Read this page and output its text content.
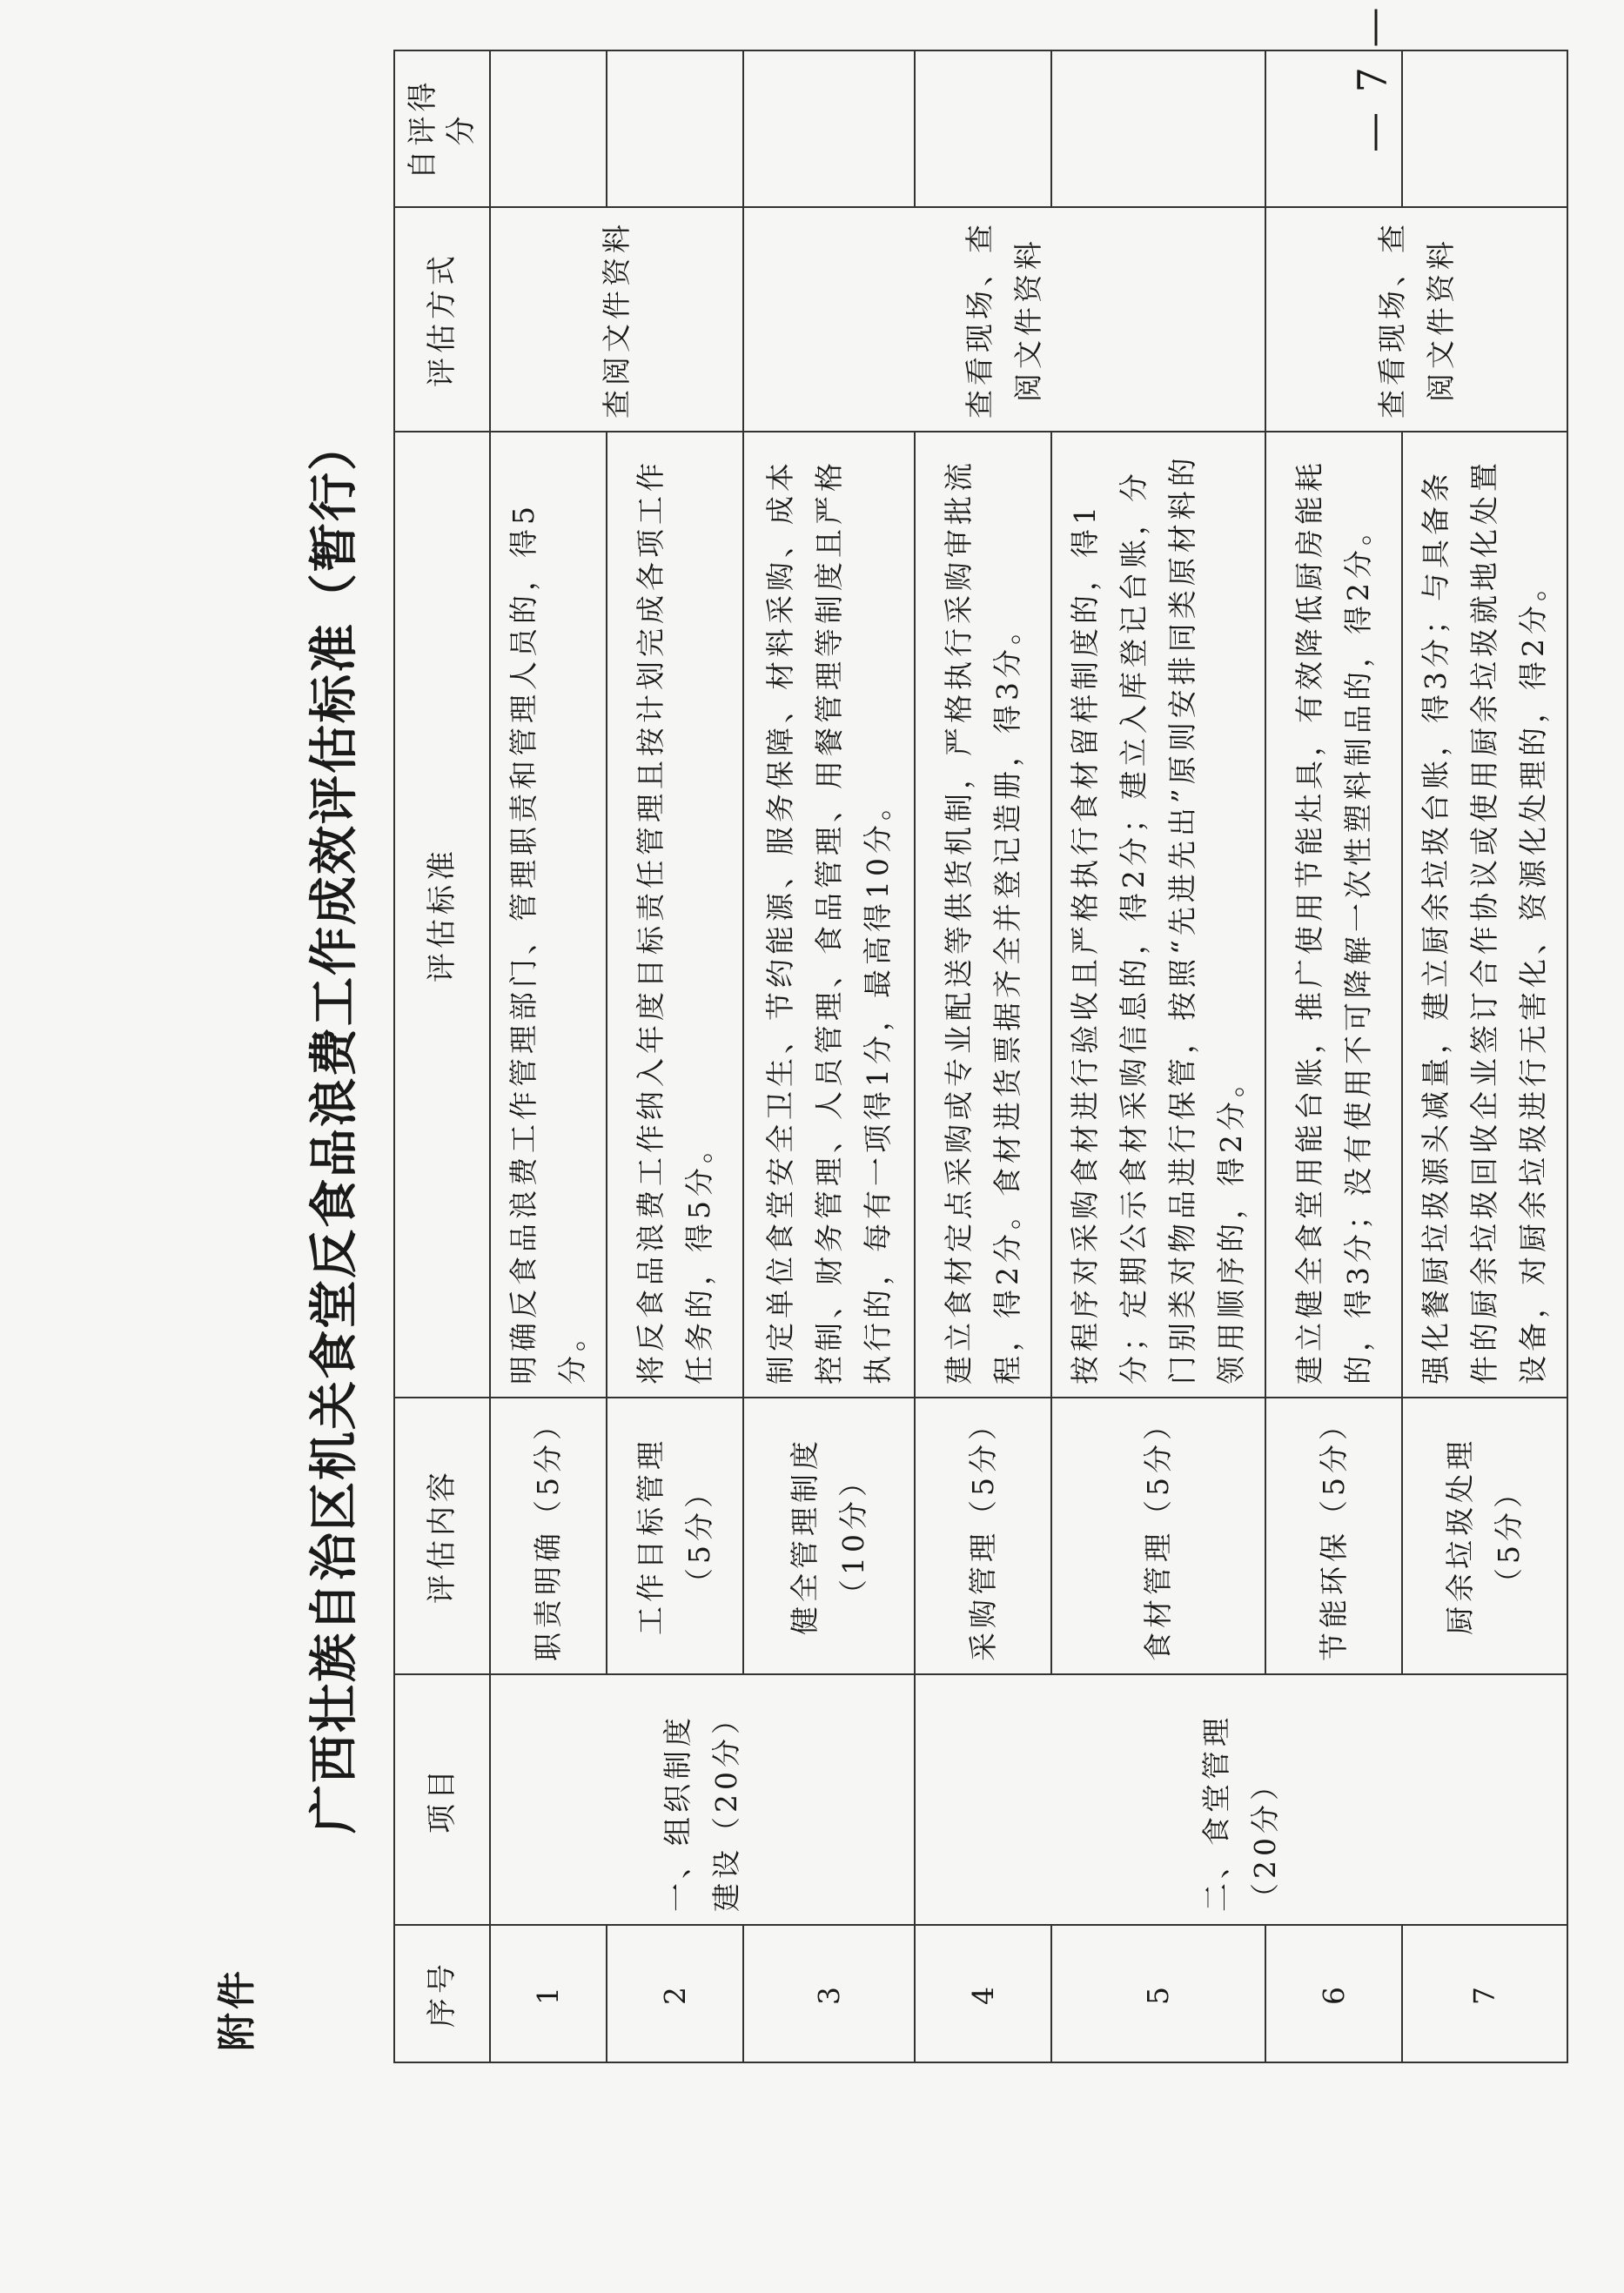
附件
广西壮族自治区机关食堂反食品浪费工作成效评估标准（暂行）
序号	项目	评估内容	评估标准	评估方式	自评得分
1	一、组织制度建设（20分）	职责明确（5分）	明确反食品浪费工作管理部门、管理职责和管理人员的，得5分。	查阅文件资料	
2		工作目标管理（5分）	将反食品浪费工作纳入年度目标责任管理且按计划完成各项工作任务的，得5分。		
3		健全管理制度（10分）	制定单位食堂安全卫生、节约能源、服务保障、材料采购、成本控制、财务管理、人员管理、食品管理、用餐管理等制度且严格执行的，每有一项得1分，最高得10分。	查看现场、查阅文件资料	
4	二、食堂管理（20分）	采购管理（5分）	建立食材定点采购或专业配送等供货机制，严格执行采购审批流程，得2分。食材进货票据齐全并登记造册，得3分。		
5		食材管理（5分）	按程序对采购食材进行验收且严格执行食材留样制度的，得1分；定期公示食材采购信息的，得2分；建立入库登记台账，分门别类对物品进行保管，按照“先进先出”原则安排同类原材料的领用顺序的，得2分。		
6		节能环保（5分）	建立健全食堂用能台账，推广使用节能灶具，有效降低厨房能耗的，得3分；没有使用不可降解一次性塑料制品的，得2分。	查看现场、查阅文件资料	
7		厨余垃圾处理（5分）	强化餐厨垃圾源头减量，建立厨余垃圾台账，得3分；与具备条件的厨余垃圾回收企业签订合作协议或使用厨余垃圾就地化处置设备，对厨余垃圾进行无害化、资源化处理的，得2分。		
— 7 —
